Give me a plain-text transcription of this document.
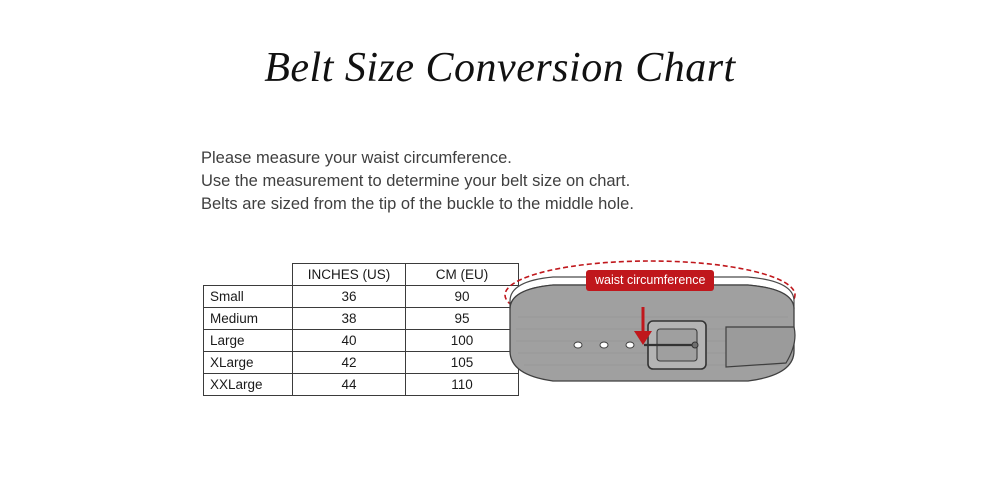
Belt Size Conversion Chart
Please measure your waist circumference.
Use the measurement to determine your belt size on chart.
Belts are sized from the tip of the buckle to the middle hole.
	INCHES (US)	CM (EU)
Small	36	90
Medium	38	95
Large	40	100
XLarge	42	105
XXLarge	44	110
waist circumference
